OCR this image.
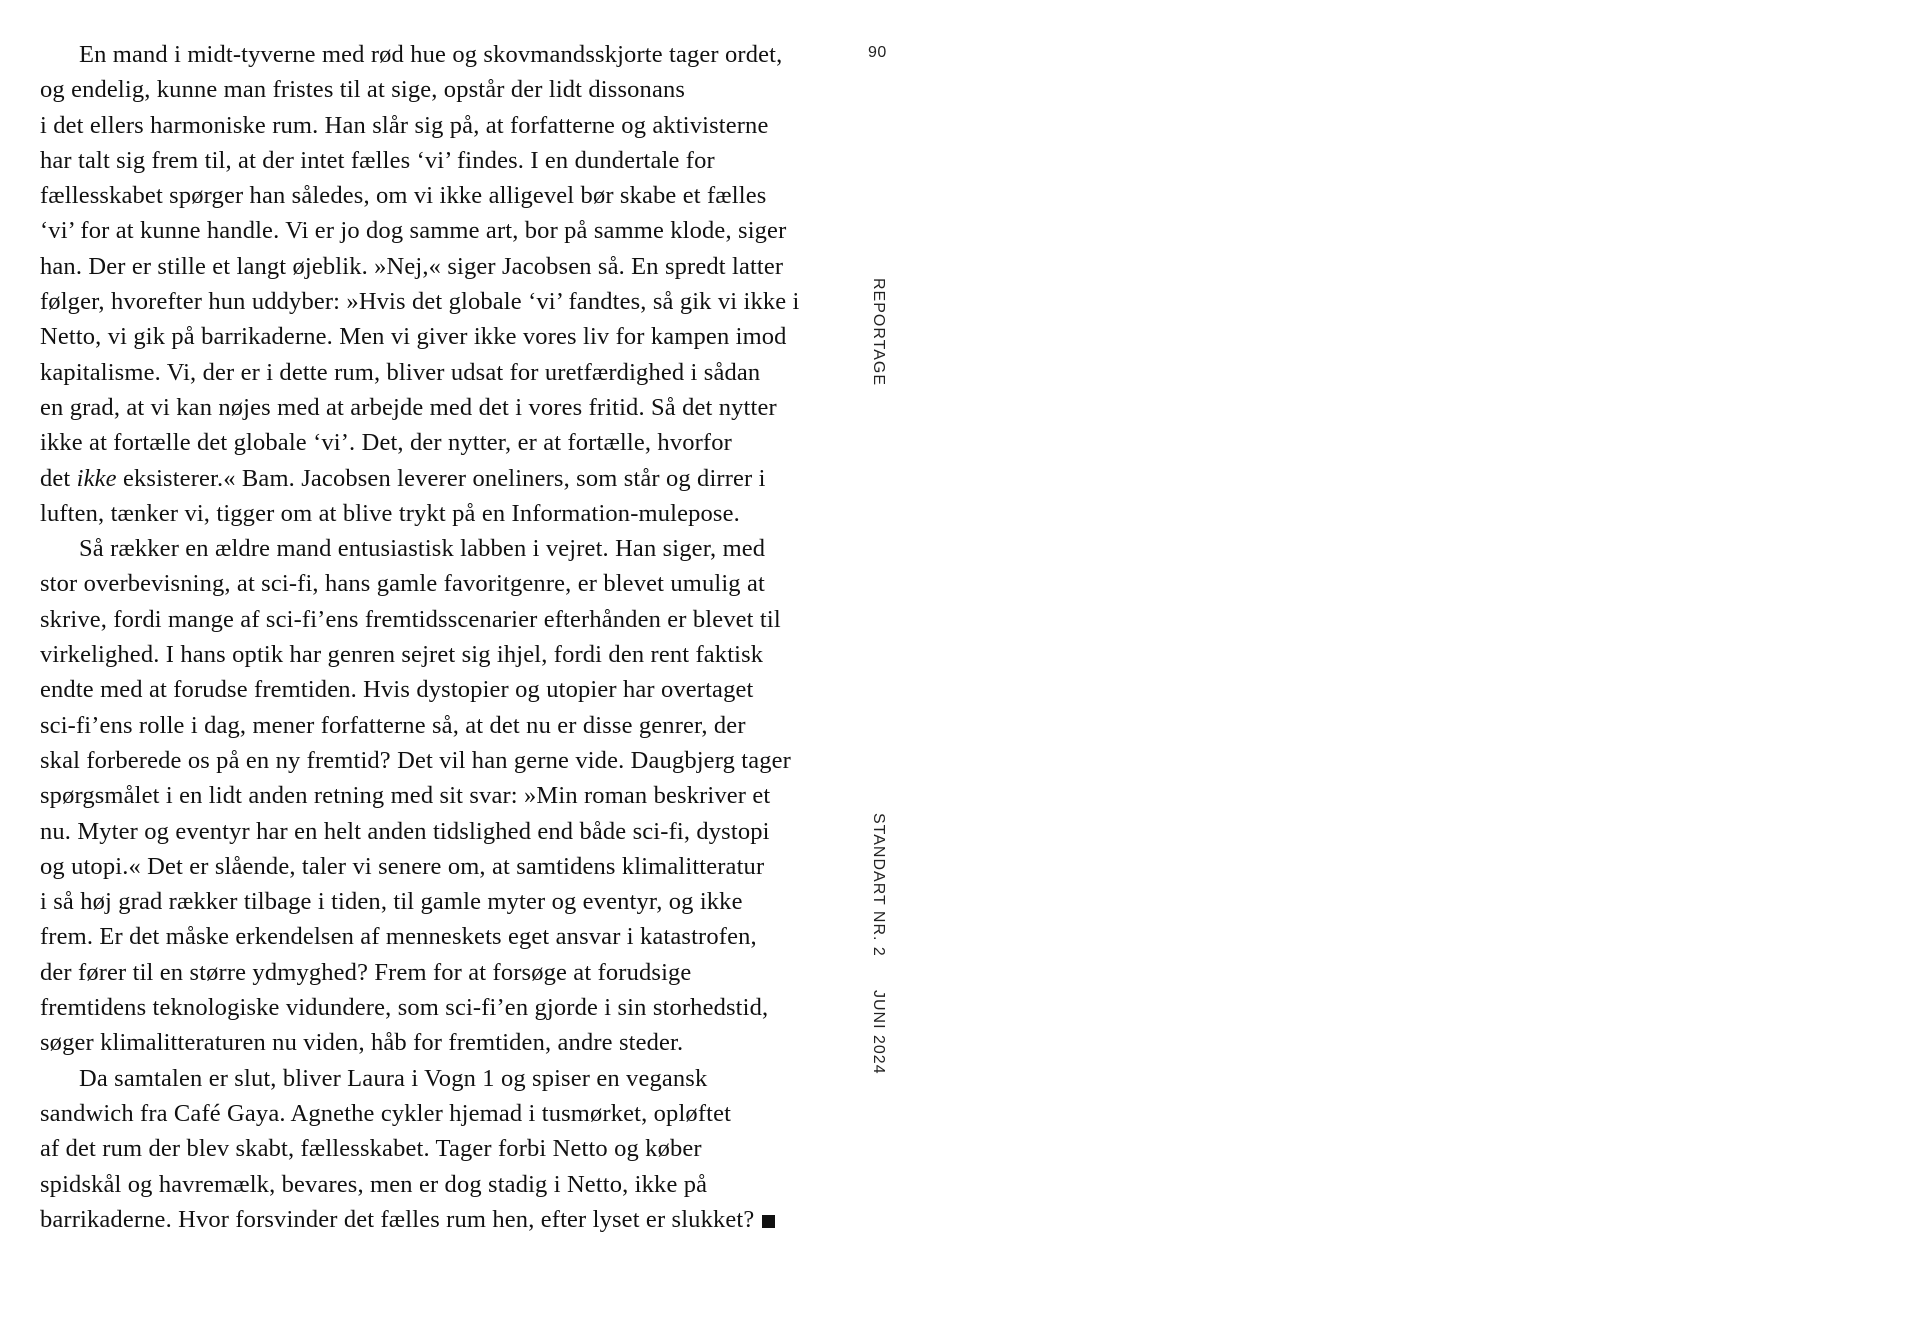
En mand i midt-tyverne med rød hue og skovmandsskjorte tager ordet,
og endelig, kunne man fristes til at sige, opstår der lidt dissonans
i det ellers harmoniske rum. Han slår sig på, at forfatterne og aktivisterne
har talt sig frem til, at der intet fælles ‘vi’ findes. I en dundertale for
fællesskabet spørger han således, om vi ikke alligevel bør skabe et fælles
‘vi’ for at kunne handle. Vi er jo dog samme art, bor på samme klode, siger
han. Der er stille et langt øjeblik. »Nej,« siger Jacobsen så. En spredt latter
følger, hvorefter hun uddyber: »Hvis det globale ‘vi’ fandtes, så gik vi ikke i
Netto, vi gik på barrikaderne. Men vi giver ikke vores liv for kampen imod
kapitalisme. Vi, der er i dette rum, bliver udsat for uretfærdighed i sådan
en grad, at vi kan nøjes med at arbejde med det i vores fritid. Så det nytter
ikke at fortælle det globale ‘vi’. Det, der nytter, er at fortælle, hvorfor
det ikke eksisterer.« Bam. Jacobsen leverer oneliners, som står og dirrer i
luften, tænker vi, tigger om at blive trykt på en Information-mulepose.
Så rækker en ældre mand entusiastisk labben i vejret. Han siger, med
stor overbevisning, at sci-fi, hans gamle favoritgenre, er blevet umulig at
skrive, fordi mange af sci-fi’ens fremtidsscenarier efterhånden er blevet til
virkelighed. I hans optik har genren sejret sig ihjel, fordi den rent faktisk
endte med at forudse fremtiden. Hvis dystopier og utopier har overtaget
sci-fi’ens rolle i dag, mener forfatterne så, at det nu er disse genrer, der
skal forberede os på en ny fremtid? Det vil han gerne vide. Daugbjerg tager
spørgsmålet i en lidt anden retning med sit svar: »Min roman beskriver et
nu. Myter og eventyr har en helt anden tidslighed end både sci-fi, dystopi
og utopi.« Det er slående, taler vi senere om, at samtidens klimalitteratur
i så høj grad rækker tilbage i tiden, til gamle myter og eventyr, og ikke
frem. Er det måske erkendelsen af menneskets eget ansvar i katastrofen,
der fører til en større ydmyghed? Frem for at forsøge at forudsige
fremtidens teknologiske vidundere, som sci-fi’en gjorde i sin storhedstid,
søger klimalitteraturen nu viden, håb for fremtiden, andre steder.
Da samtalen er slut, bliver Laura i Vogn 1 og spiser en vegansk
sandwich fra Café Gaya. Agnethe cykler hjemad i tusmørket, opløftet
af det rum der blev skabt, fællesskabet. Tager forbi Netto og køber
spidskål og havremælk, bevares, men er dog stadig i Netto, ikke på
barrikaderne. Hvor forsvinder det fælles rum hen, efter lyset er slukket?
90
REPORTAGE
STANDART NR. 2
JUNI 2024
